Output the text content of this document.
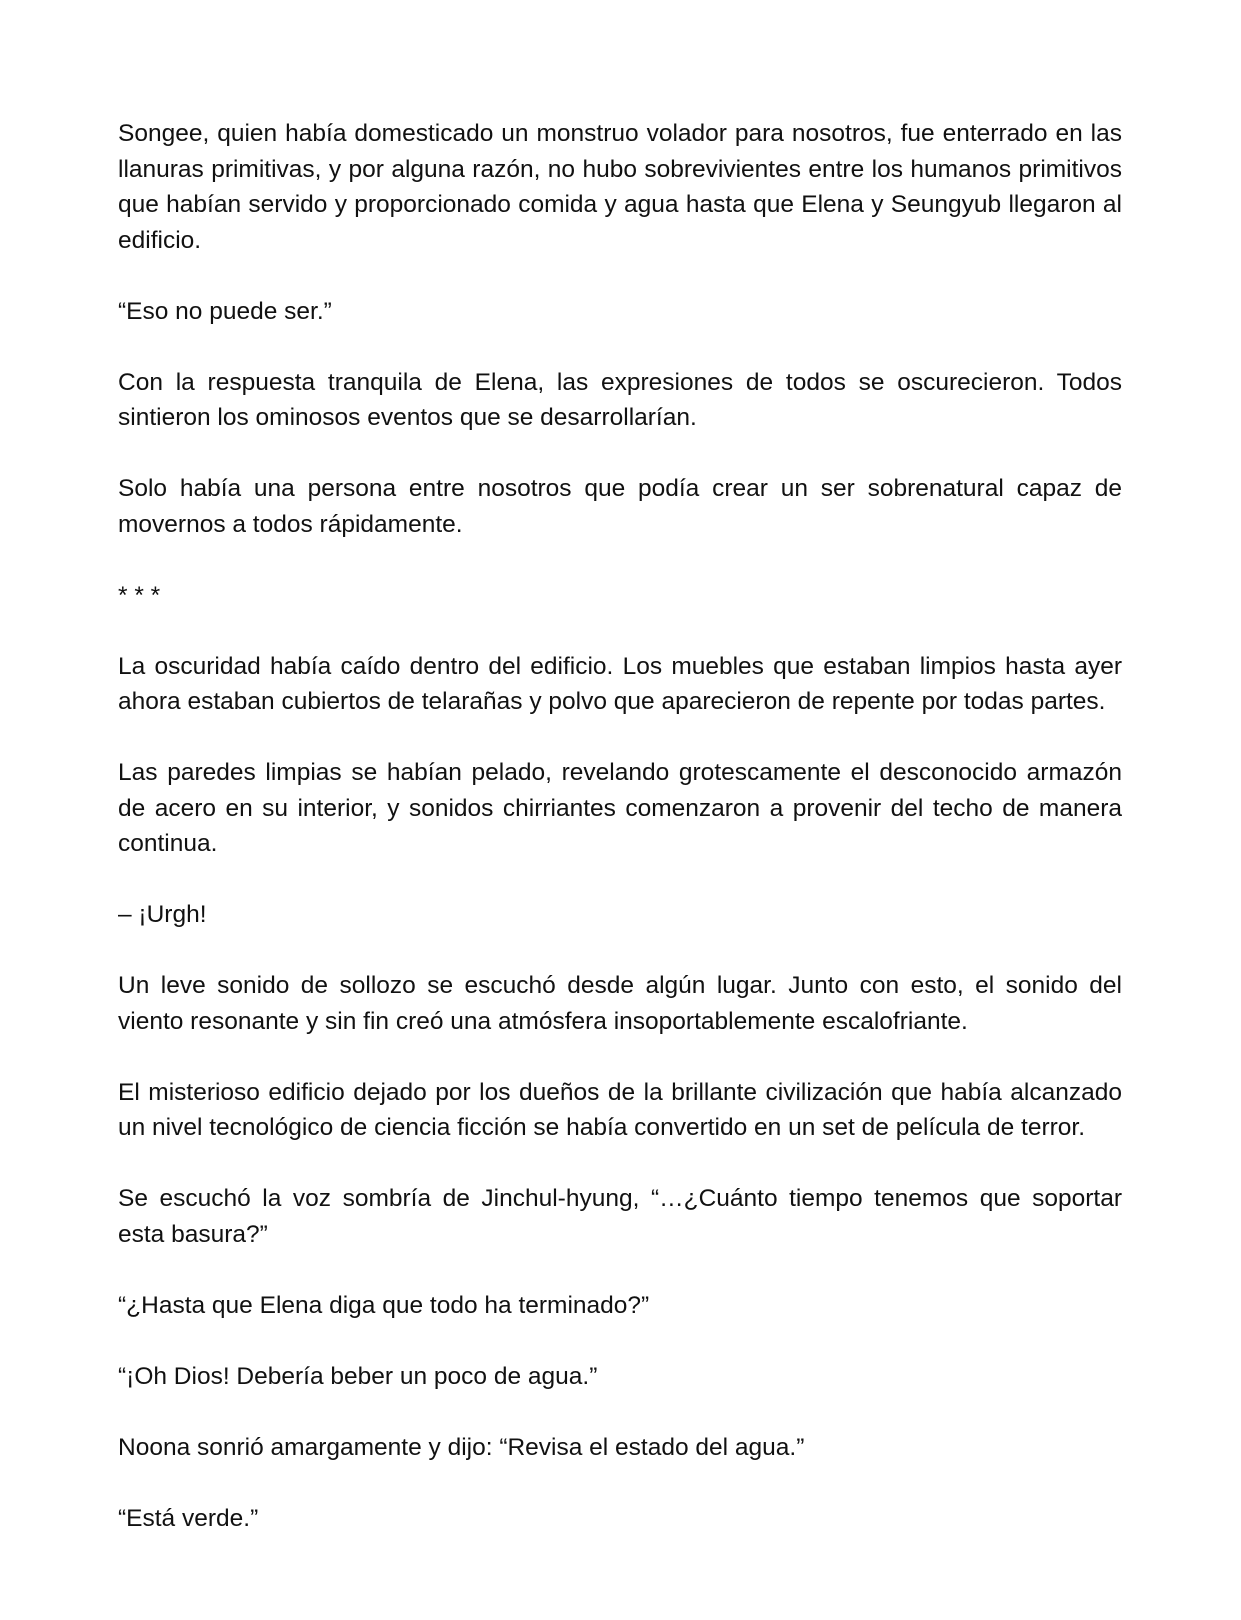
Songee, quien había domesticado un monstruo volador para nosotros, fue enterrado en las llanuras primitivas, y por alguna razón, no hubo sobrevivientes entre los humanos primitivos que habían servido y proporcionado comida y agua hasta que Elena y Seungyub llegaron al edificio.

“Eso no puede ser.”

Con la respuesta tranquila de Elena, las expresiones de todos se oscurecieron. Todos sintieron los ominosos eventos que se desarrollarían.

Solo había una persona entre nosotros que podía crear un ser sobrenatural capaz de movernos a todos rápidamente.

* * *

La oscuridad había caído dentro del edificio. Los muebles que estaban limpios hasta ayer ahora estaban cubiertos de telarañas y polvo que aparecieron de repente por todas partes.

Las paredes limpias se habían pelado, revelando grotescamente el desconocido armazón de acero en su interior, y sonidos chirriantes comenzaron a provenir del techo de manera continua.

– ¡Urgh!

Un leve sonido de sollozo se escuchó desde algún lugar. Junto con esto, el sonido del viento resonante y sin fin creó una atmósfera insoportablemente escalofriante.

El misterioso edificio dejado por los dueños de la brillante civilización que había alcanzado un nivel tecnológico de ciencia ficción se había convertido en un set de película de terror.

Se escuchó la voz sombría de Jinchul-hyung, “…¿Cuánto tiempo tenemos que soportar esta basura?”

“¿Hasta que Elena diga que todo ha terminado?”

“¡Oh Dios! Debería beber un poco de agua.”

Noona sonrió amargamente y dijo: “Revisa el estado del agua.”

“Está verde.”
